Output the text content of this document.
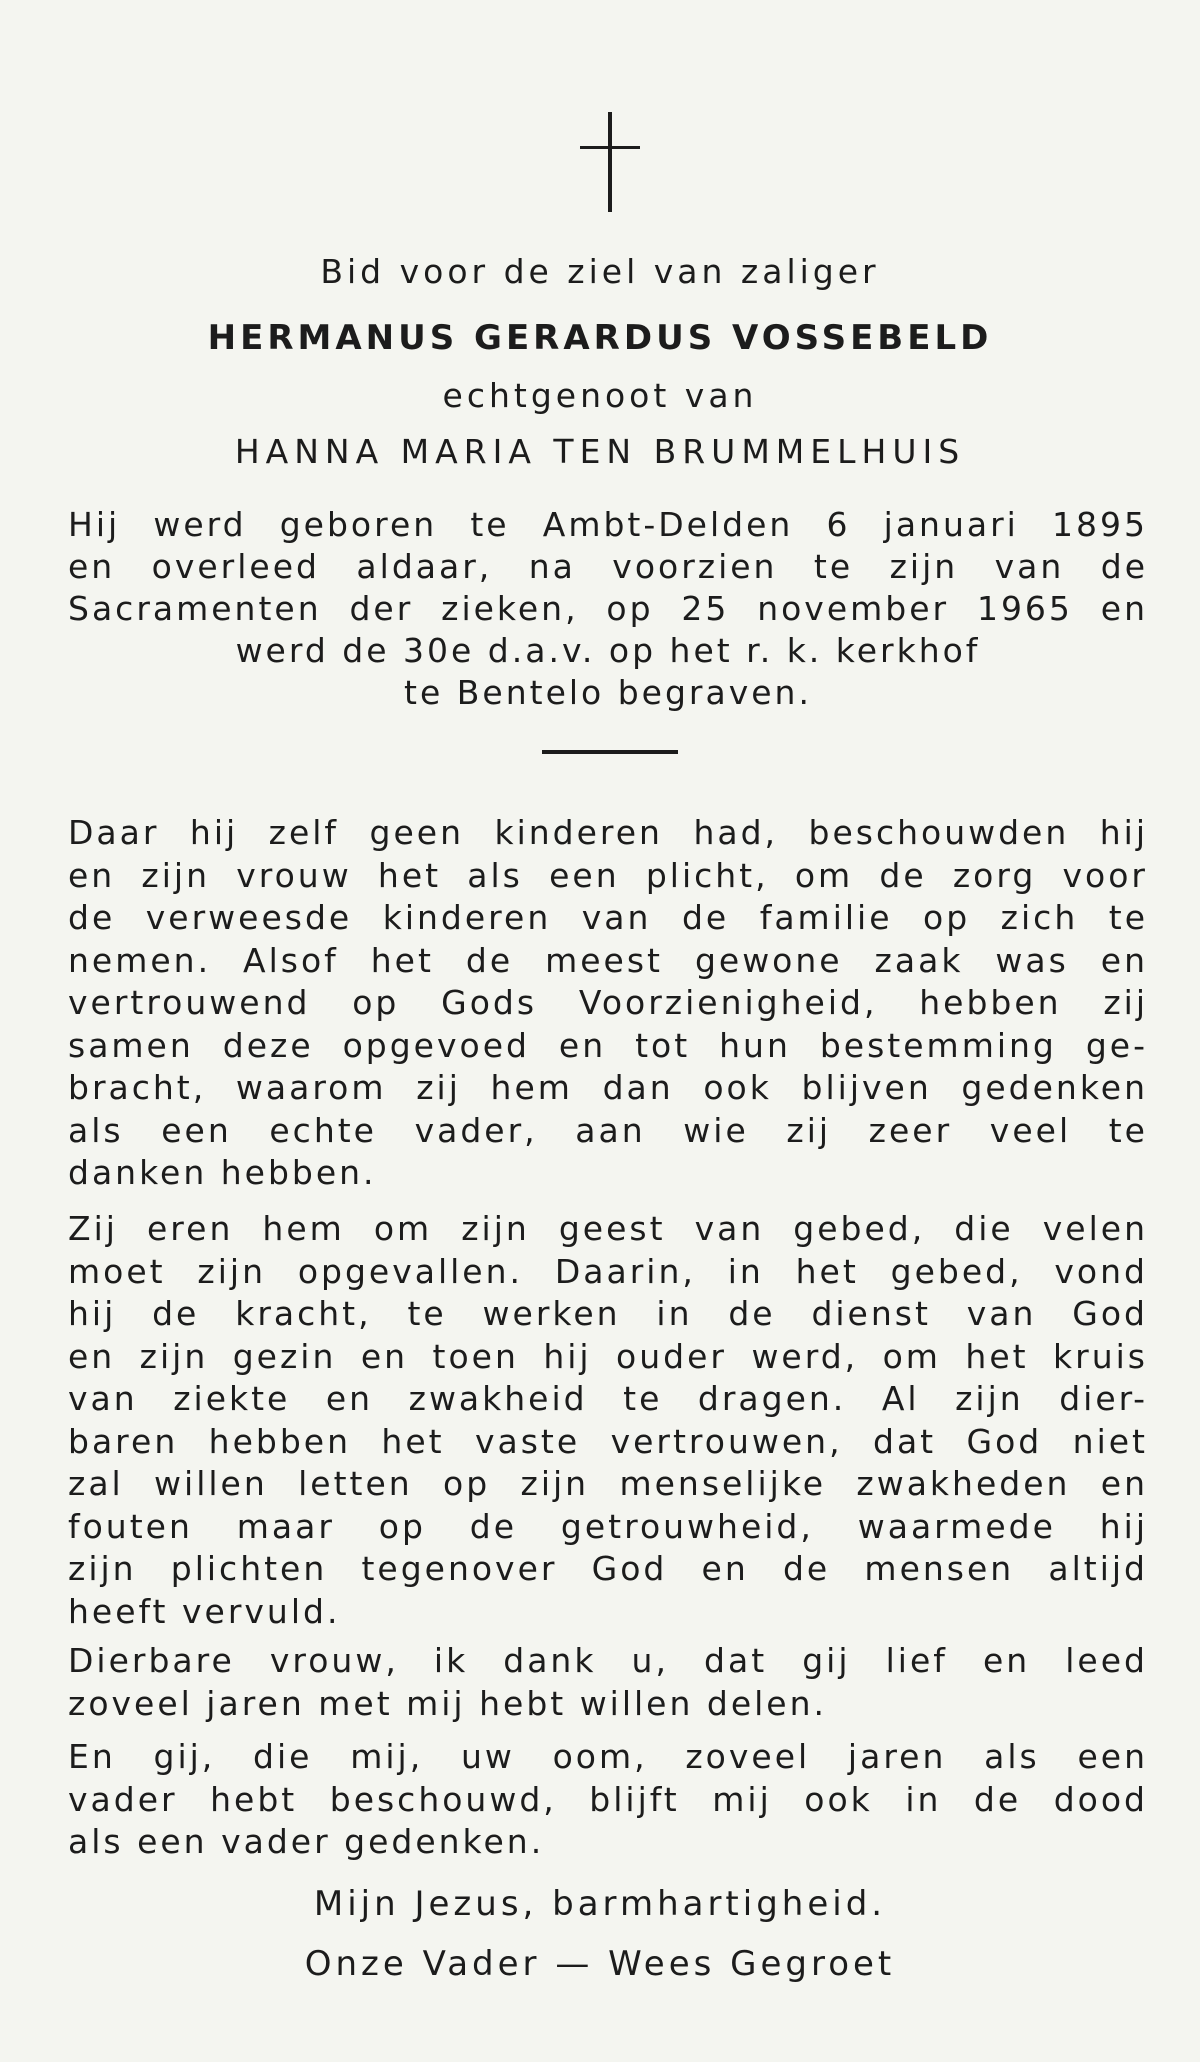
Bid voor de ziel van zaliger
HERMANUS GERARDUS VOSSEBELD
echtgenoot van
HANNA MARIA TEN BRUMMELHUIS
Hij werd geboren te Ambt-Delden 6 januari 1895
en overleed aldaar, na voorzien te zijn van de
Sacramenten der zieken, op 25 november 1965 en
werd de 30e d.a.v. op het r. k. kerkhof
te Bentelo begraven.
Daar hij zelf geen kinderen had, beschouwden hij
en zijn vrouw het als een plicht, om de zorg voor
de verweesde kinderen van de familie op zich te
nemen. Alsof het de meest gewone zaak was en
vertrouwend op Gods Voorzienigheid, hebben zij
samen deze opgevoed en tot hun bestemming ge-
bracht, waarom zij hem dan ook blijven gedenken
als een echte vader, aan wie zij zeer veel te
danken hebben.
Zij eren hem om zijn geest van gebed, die velen
moet zijn opgevallen. Daarin, in het gebed, vond
hij de kracht, te werken in de dienst van God
en zijn gezin en toen hij ouder werd, om het kruis
van ziekte en zwakheid te dragen. Al zijn dier-
baren hebben het vaste vertrouwen, dat God niet
zal willen letten op zijn menselijke zwakheden en
fouten maar op de getrouwheid, waarmede hij
zijn plichten tegenover God en de mensen altijd
heeft vervuld.
Dierbare vrouw, ik dank u, dat gij lief en leed
zoveel jaren met mij hebt willen delen.
En gij, die mij, uw oom, zoveel jaren als een
vader hebt beschouwd, blijft mij ook in de dood
als een vader gedenken.
Mijn Jezus, barmhartigheid.
Onze Vader — Wees Gegroet
